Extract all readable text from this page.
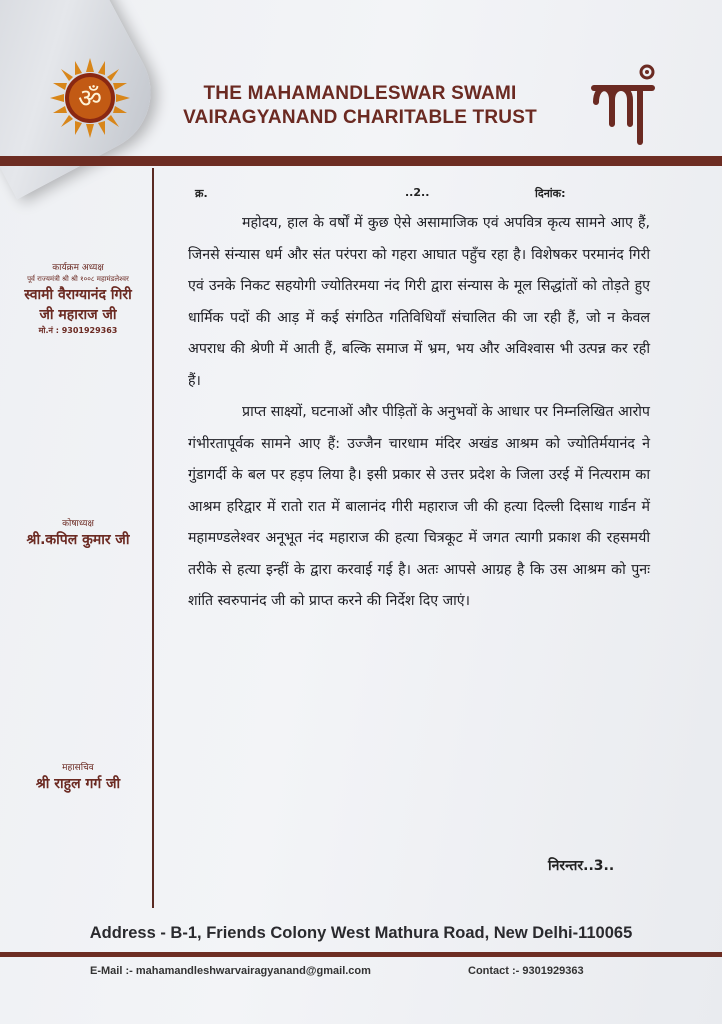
ॐ	THE MAHAMANDLESWAR SWAMI
VAIRAGYANAND CHARITABLE TRUST
कार्यक्रम अध्यक्ष
पूर्व राज्यमंत्री श्री श्री १००८ महामंडलेश्वर
स्वामी वैराग्यानंद गिरी
जी महाराज जी
मो.नं : 9301929363
कोषाध्यक्ष
श्री.कपिल कुमार जी
महासचिव
श्री राहुल गर्ग जी
क्र.	..2..	दिनांक:

महोदय, हाल के वर्षों में कुछ ऐसे असामाजिक एवं अपवित्र कृत्य सामने आए हैं, जिनसे संन्यास धर्म और संत परंपरा को गहरा आघात पहुँच रहा है। विशेषकर परमानंद गिरी एवं उनके निकट सहयोगी ज्योतिरमया नंद गिरी द्वारा संन्यास के मूल सिद्धांतों को तोड़ते हुए धार्मिक पदों की आड़ में कई संगठित गतिविधियाँ संचालित की जा रही हैं, जो न केवल अपराध की श्रेणी में आती हैं, बल्कि समाज में भ्रम, भय और अविश्वास भी उत्पन्न कर रही हैं।

प्राप्त साक्ष्यों, घटनाओं और पीड़ितों के अनुभवों के आधार पर निम्नलिखित आरोप गंभीरतापूर्वक सामने आए हैं: उज्जैन चारधाम मंदिर अखंड आश्रम को ज्योतिर्मयानंद ने गुंडागर्दी के बल पर हड़प लिया है। इसी प्रकार से उत्तर प्रदेश के जिला उरई में नित्यराम का आश्रम हरिद्वार में रातो रात में बालानंद गीरी महाराज जी की हत्या दिल्ली दिसाथ गार्डन में महामण्डलेश्वर अनूभूत नंद महाराज की हत्या चित्रकूट में जगत त्यागी प्रकाश की रहसमयी तरीके से हत्या इन्हीं के द्वारा करवाई गई है। अतः आपसे आग्रह है कि उस आश्रम को पुनः शांति स्वरुपानंद जी को प्राप्त करने की निर्देश दिए जाएं।

निरन्तर..3..
Address - B-1, Friends Colony West Mathura Road, New Delhi-110065
E-Mail :- mahamandleshwarvairagyanand@gmail.com	Contact :- 9301929363
